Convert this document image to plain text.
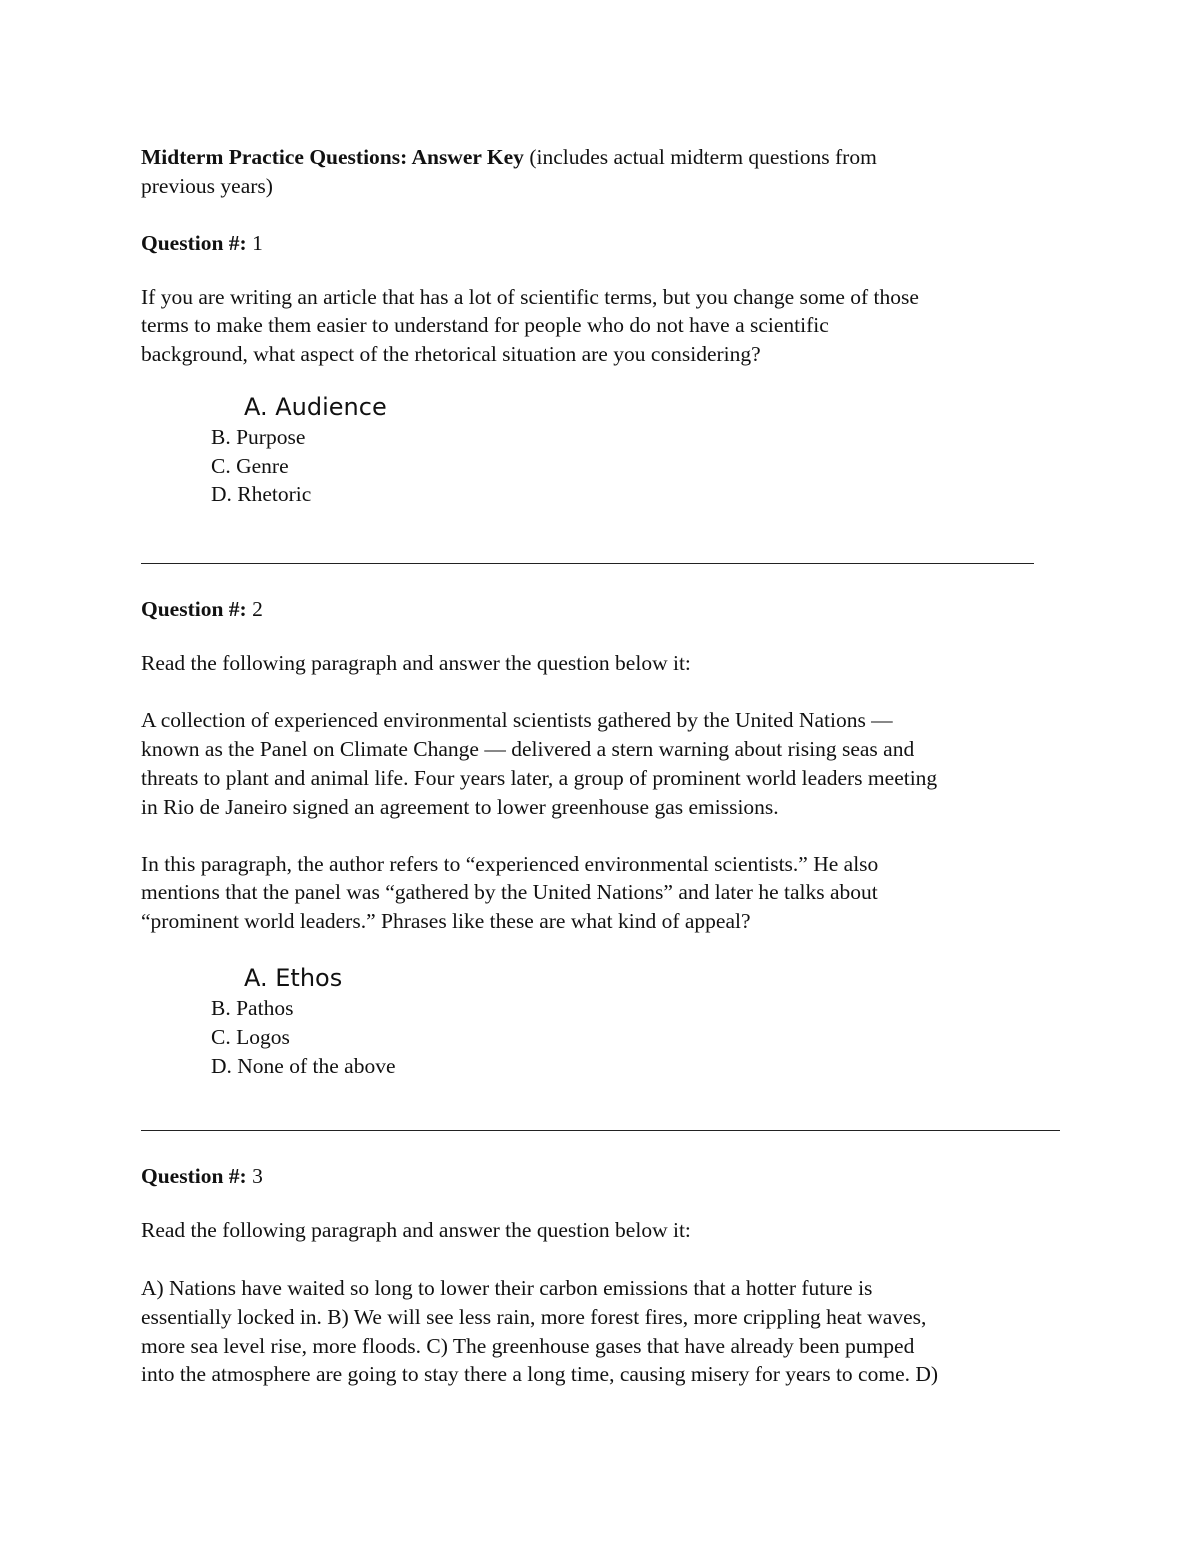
Midterm Practice Questions: Answer Key (includes actual midterm questions from
previous years)
Question #: 1
If you are writing an article that has a lot of scientific terms, but you change some of those
terms to make them easier to understand for people who do not have a scientific
background, what aspect of the rhetorical situation are you considering?
A. Audience
B. Purpose
C. Genre
D. Rhetoric
Question #: 2
Read the following paragraph and answer the question below it:
A collection of experienced environmental scientists gathered by the United Nations —
known as the Panel on Climate Change — delivered a stern warning about rising seas and
threats to plant and animal life. Four years later, a group of prominent world leaders meeting
in Rio de Janeiro signed an agreement to lower greenhouse gas emissions.
In this paragraph, the author refers to “experienced environmental scientists.” He also
mentions that the panel was “gathered by the United Nations” and later he talks about
“prominent world leaders.” Phrases like these are what kind of appeal?
A. Ethos
B. Pathos
C. Logos
D. None of the above
Question #: 3
Read the following paragraph and answer the question below it:
A) Nations have waited so long to lower their carbon emissions that a hotter future is
essentially locked in. B) We will see less rain, more forest fires, more crippling heat waves,
more sea level rise, more floods. C) The greenhouse gases that have already been pumped
into the atmosphere are going to stay there a long time, causing misery for years to come. D)
